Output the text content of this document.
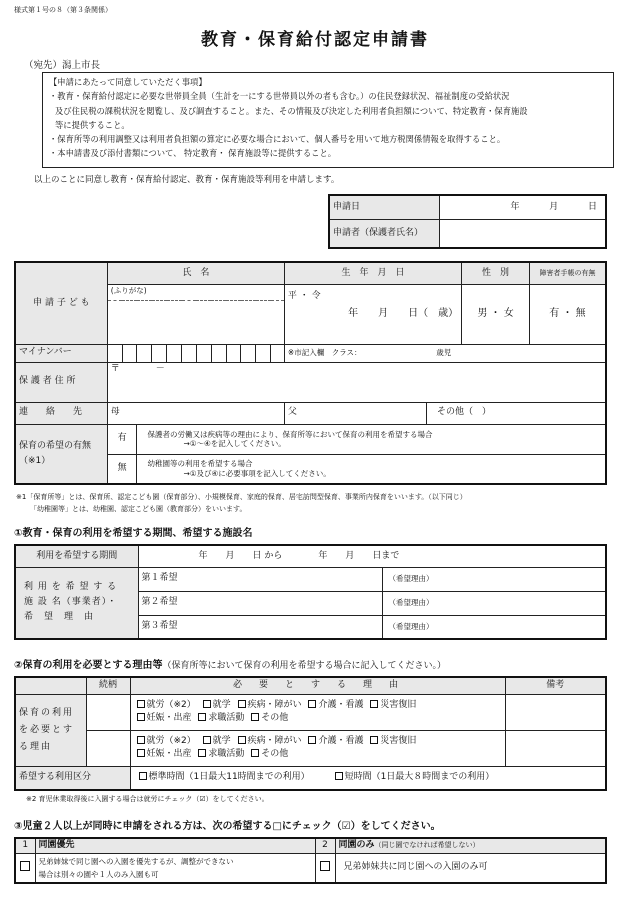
様式第１号の８（第３条関係）
教育・保育給付認定申請書
（宛先）潟上市長
【申請にあたって同意していただく事項】
・教育・保育給付認定に必要な世帯員全員（生計を一にする世帯員以外の者も含む。）の住民登録状況、福祉制度の受給状況
及び住民税の課税状況を閲覧し、及び調査すること。また、その情報及び決定した利用者負担額について、特定教育・保育施設
等に提供すること。
・保育所等の利用調整又は利用者負担額の算定に必要な場合において、個人番号を用いて地方税関係情報を取得すること。
・本申請書及び添付書類について、 特定教育・ 保育施設等に提供すること。
以上のことに同意し教育・保育給付認定、教育・保育施設等利用を申請します。
申請日	年 月 日
申請者（保護者氏名）	
申 請 子 ど も	氏　名												生　年　月　日		性　別	障害者手帳の有無
	(ふりがな)												平 ・ 令
年　　月　　日（　歳）		男 ・ 女	有 ・ 無

マイナンバー													※市記入欄　クラス： 歳児			
保 護 者 住 所	〒　　　　－															
連　　絡　　先	母												父	その他（　）		
保育の希望の有無（※1）	有		保護者の労働又は疾病等の理由により、保育所等において保育の利用を希望する場合
→①～④を記入してください。													

	無		幼稚園等の利用を希望する場合
→①及び④に必要事項を記入してください。													
※1「保育所等」とは、保育所、認定こども園（保育部分）、小規模保育、家庭的保育、居宅訪問型保育、事業所内保育をいいます。（以下同じ）
「幼稚園等」とは、幼稚園、認定こども園（教育部分）をいいます。
①教育・保育の利用を希望する期間、希望する施設名
利用を希望する期間	年　　月　　日 から　　　　年　　月　　日まで	
利 用 を 希 望 す る 施 設 名（事業者）・ 希　望　理　由	第１希望	（希望理由）
	第２希望	（希望理由）
	第３希望	（希望理由）
②保育の利用を必要とする理由等（保育所等において保育の利用を希望する場合に記入してください。）
	続柄	必　要　と　す　る　理　由	備考
保育の利用を必要とする理由		就労（※2） 就学 疾病・障がい 介護・看護 災害復旧
妊娠・出産 求職活動 その他	

		就労（※2） 就学 疾病・障がい 介護・看護 災害復旧
妊娠・出産 求職活動 その他	

希望する利用区分		標準時間（1日最大11時間までの利用） 短時間（1日最大８時間までの利用）	
※2 育児休業取得後に入園する場合は就労にチェック（☑）をしてください。
③児童２人以上が同時に申請をされる方は、次の希望する□にチェック（☑）をしてください。
1	同園優先	2	同園のみ（同じ園でなければ希望しない）

	兄弟姉妹で同じ園への入園を優先するが、調整ができない
場合は別々の園や１人のみ入園も可		兄弟姉妹共に同じ園への入園のみ可
